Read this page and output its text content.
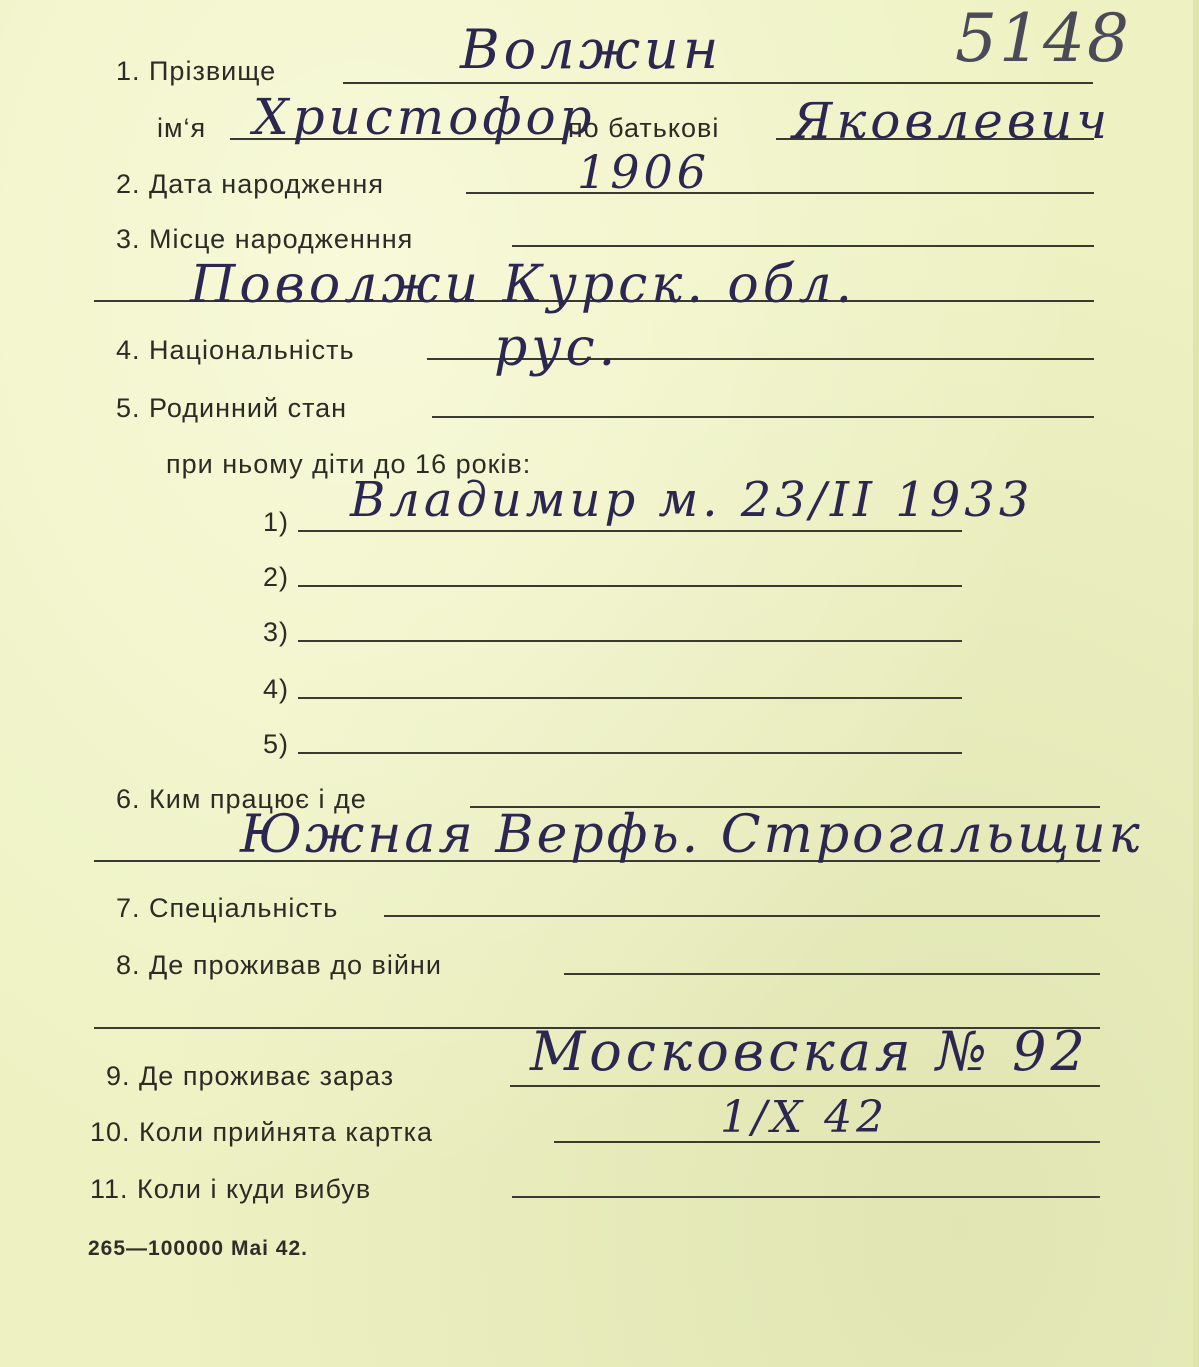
5148
1. Прізвище	Волжин
ім‘я Христофор
по батькові Яковлевич
2. Дата народження	1906
3. Місце народженння
Поволжи Курск. обл.
4. Національність	рус.
5. Родинний стан
при ньому діти до 16 років:
1) Владимир м. 23/II 1933
2)
3)
4)
5)
6. Ким працює і де
Южная Верфь. Строгальщик
7. Спеціальність
8. Де проживав до війни
9. Де проживає зараз	Московская № 92
10. Коли прийнята картка	1/X 42
11. Коли і куди вибув
265—100000 Mai 42.
